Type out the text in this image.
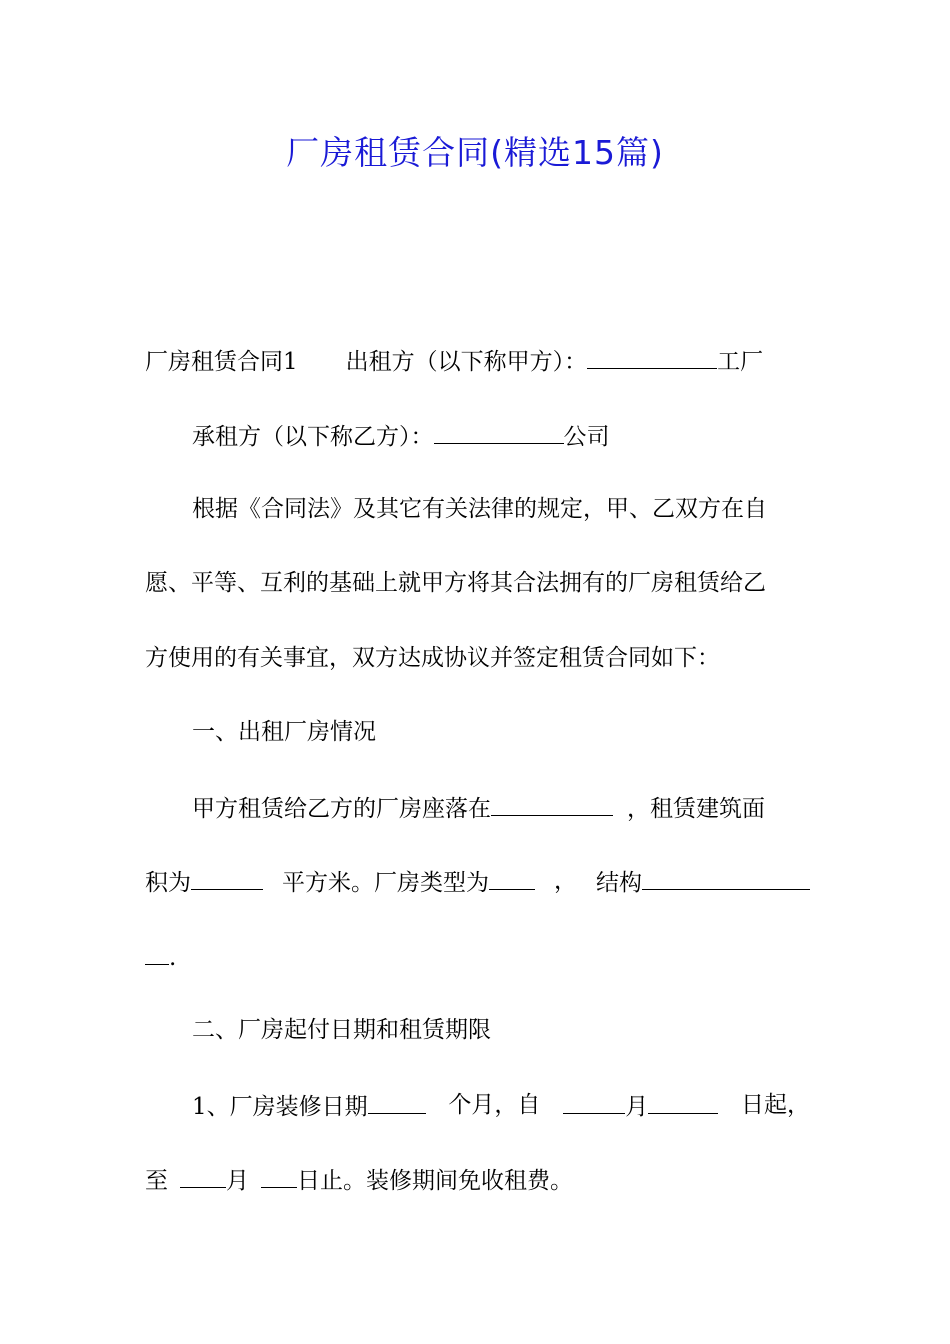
厂房租赁合同(精选15篇)
厂房租赁合同1 出租方（以下称甲方）：	工厂
承租方（以下称乙方）：	公司
根据《合同法》及其它有关法律的规定，甲、乙双方在自
愿、平等、互利的基础上就甲方将其合法拥有的厂房租赁给乙
方使用的有关事宜，双方达成协议并签定租赁合同如下：
一、出租厂房情况
甲方租赁给乙方的厂房座落在	，租赁建筑面
积为	平方米。厂房类型为	， 结构
.
二、厂房起付日期和租赁期限
1、厂房装修日期	个月，自	月	日起，
至	月 日止。装修期间免收租费。
